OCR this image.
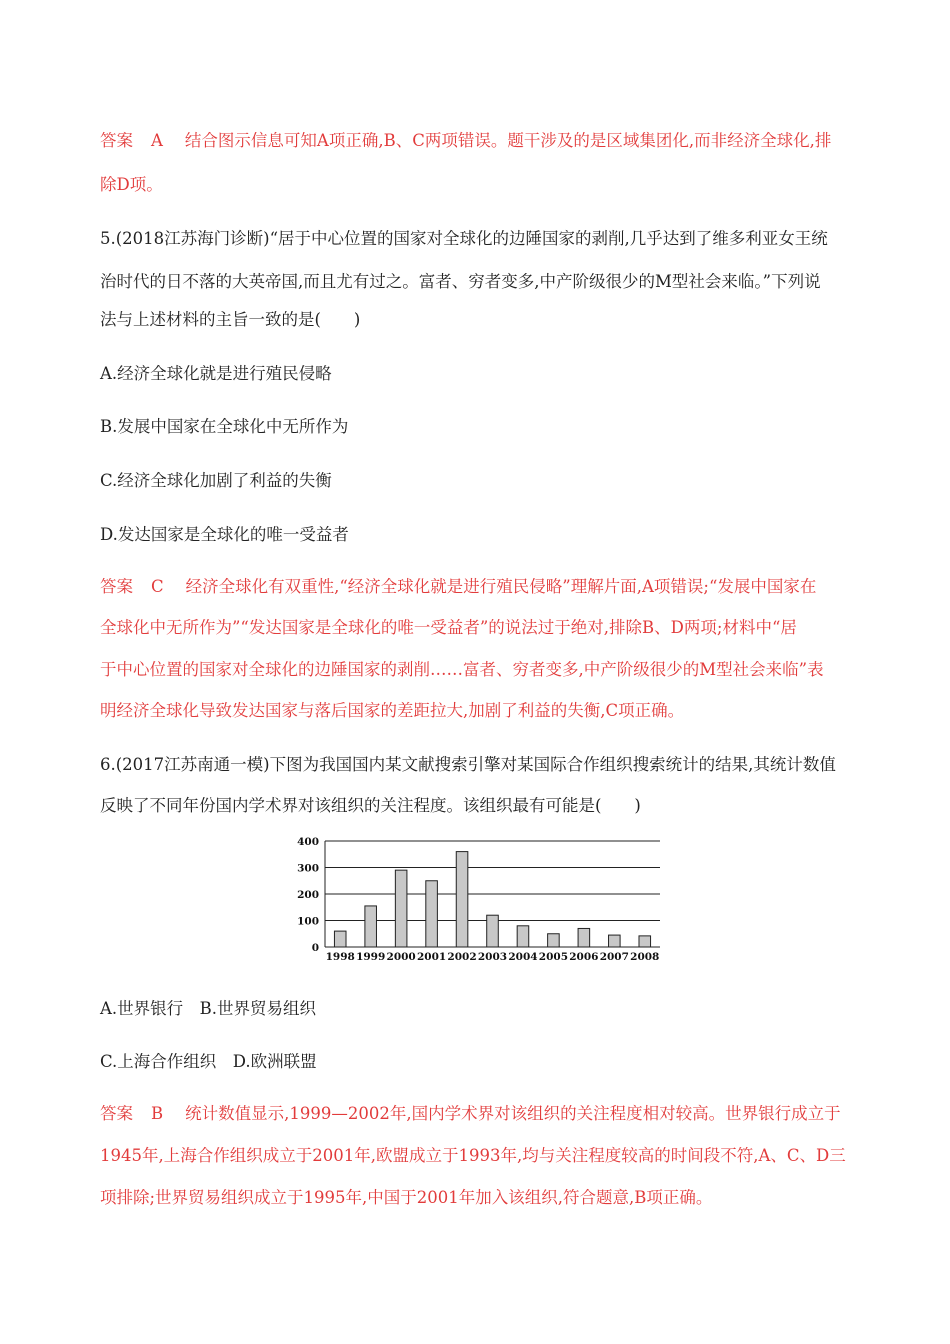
答案 A 结合图示信息可知A项正确,B、C两项错误。题干涉及的是区域集团化,而非经济全球化,排
除D项。
5.(2018江苏海门诊断)“居于中心位置的国家对全球化的边陲国家的剥削,几乎达到了维多利亚女王统
治时代的日不落的大英帝国,而且尤有过之。富者、穷者变多,中产阶级很少的M型社会来临。”下列说
法与上述材料的主旨一致的是(　　)
A.经济全球化就是进行殖民侵略
B.发展中国家在全球化中无所作为
C.经济全球化加剧了利益的失衡
D.发达国家是全球化的唯一受益者
答案 C 经济全球化有双重性,“经济全球化就是进行殖民侵略”理解片面,A项错误;“发展中国家在
全球化中无所作为”“发达国家是全球化的唯一受益者”的说法过于绝对,排除B、D两项;材料中“居
于中心位置的国家对全球化的边陲国家的剥削……富者、穷者变多,中产阶级很少的M型社会来临”表
明经济全球化导致发达国家与落后国家的差距拉大,加剧了利益的失衡,C项正确。
6.(2017江苏南通一模)下图为我国国内某文献搜索引擎对某国际合作组织搜索统计的结果,其统计数值
反映了不同年份国内学术界对该组织的关注程度。该组织最有可能是(　　)
A.世界银行　B.世界贸易组织
C.上海合作组织　D.欧洲联盟
答案 B 统计数值显示,1999—2002年,国内学术界对该组织的关注程度相对较高。世界银行成立于
1945年,上海合作组织成立于2001年,欧盟成立于1993年,均与关注程度较高的时间段不符,A、C、D三
项排除;世界贸易组织成立于1995年,中国于2001年加入该组织,符合题意,B项正确。
0
100
200
300
400
1998 1999 2000 2001 2002 2003 2004 2005 2006 2007 2008
